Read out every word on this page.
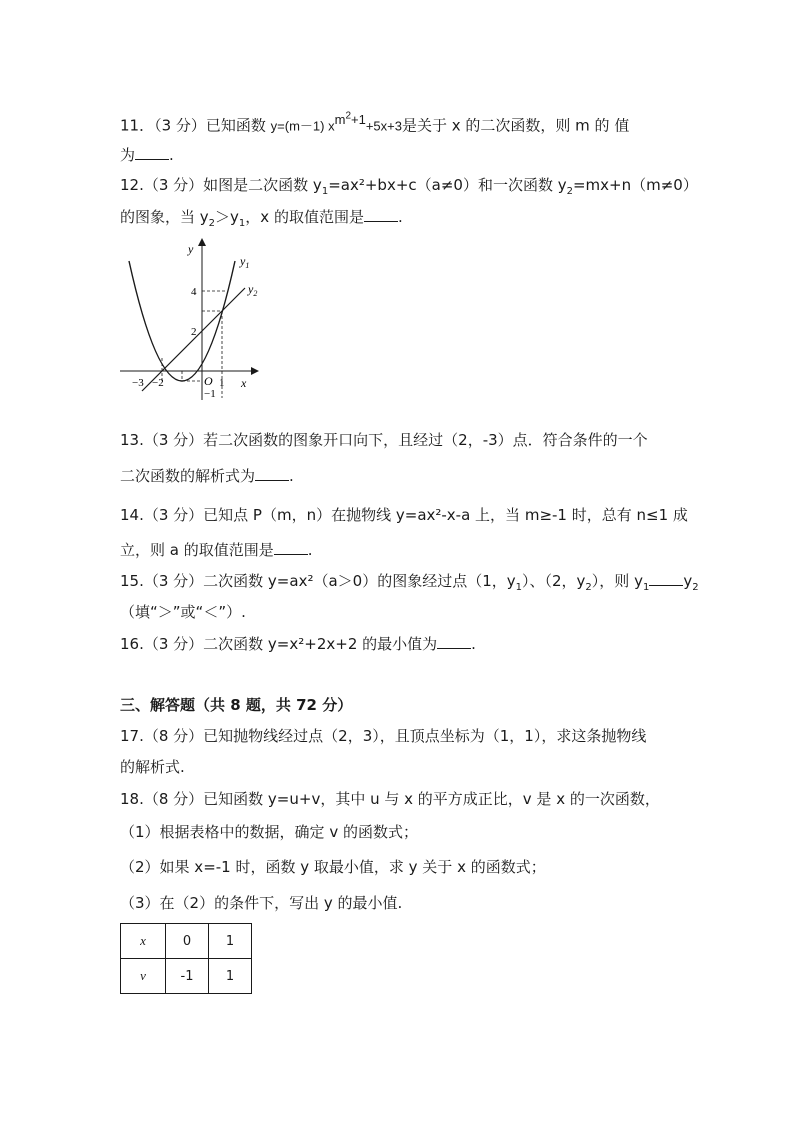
11．（3 分）已知函数 y=(m－1) $x^{m^2+1}+5x+3$是关于 x 的二次函数，则 m 的 值
为 .
12.（3 分）如图是二次函数 $y_1=ax^2+bx+c(a\ne 0)$和一次函数 $y_2=mx+n(m\ne 0)$
的图象，当 $y_2>y_1$，x 的取值范围是 .
y
x
O
$y_1$
$y_2$
4
2
−1
−3 −2	1
13.（3 分）若二次函数的图象开口向下，且经过（2，-3）点．符合条件的一个
二次函数的解析式为 .
14.（3 分）已知点 P（m，n）在抛物线 y=ax²-x-a 上，当 m≥-1 时，总有 n≤1 成
立，则 a 的取值范围是 .
15.（3 分）二次函数 y=ax²（a＞0）的图象经过点（1，$y_1$）、（2，$y_2$），则 $y_1$ $y_2$
（填“＞”或“＜”）.
16.（3 分）二次函数 y=x²+2x+2 的最小值为 .
三、解答题（共 8 题，共 72 分）
17.（8 分）已知抛物线经过点（2，3），且顶点坐标为（1，1），求这条抛物线
的解析式.
18.（8 分）已知函数 y=u+v，其中 u 与 x 的平方成正比，v 是 x 的一次函数，
（1）根据表格中的数据，确定 v 的函数式；
（2）如果 x=-1 时，函数 y 取最小值，求 y 关于 x 的函数式；
（3）在（2）的条件下，写出 y 的最小值.
x	0	1
v	-1	1
